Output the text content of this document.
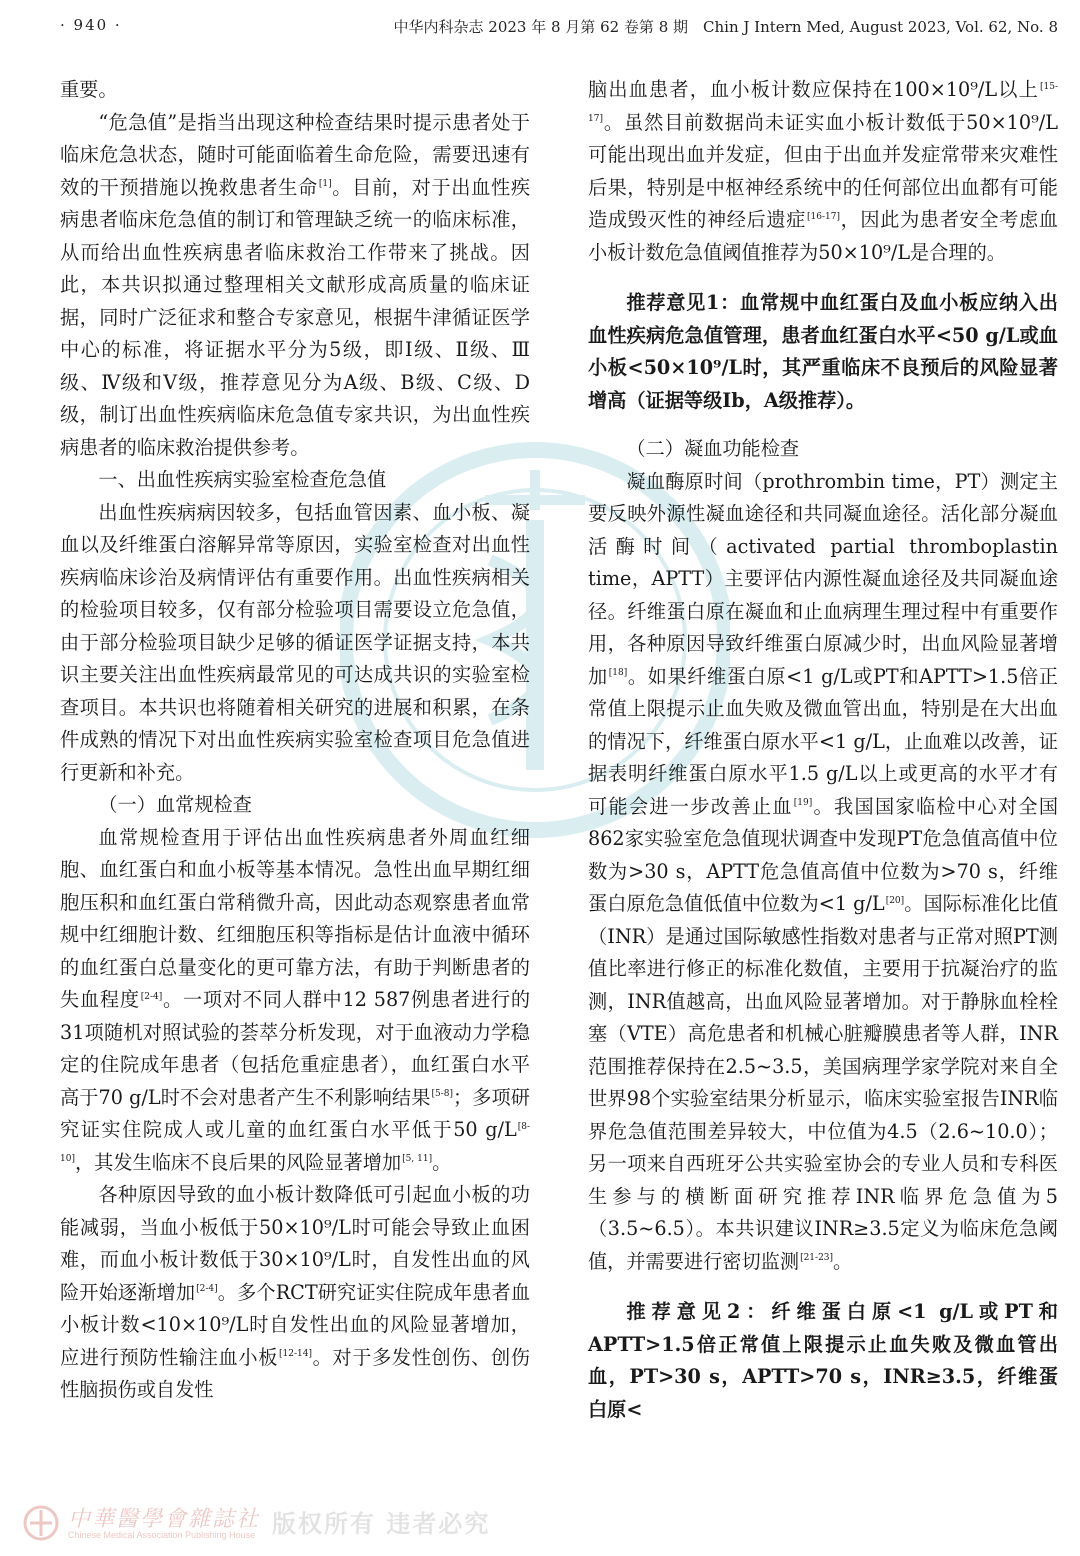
· 940 ·	中华内科杂志 2023 年 8 月第 62 卷第 8 期　Chin J Intern Med, August 2023, Vol. 62, No. 8

重要。

“危急值”是指当出现这种检查结果时提示患者处于临床危急状态，随时可能面临着生命危险，需要迅速有效的干预措施以挽救患者生命[1]。目前，对于出血性疾病患者临床危急值的制订和管理缺乏统一的临床标准，从而给出血性疾病患者临床救治工作带来了挑战。因此，本共识拟通过整理相关文献形成高质量的临床证据，同时广泛征求和整合专家意见，根据牛津循证医学中心的标准，将证据水平分为5级，即Ⅰ级、Ⅱ级、Ⅲ级、Ⅳ级和Ⅴ级，推荐意见分为A级、B级、C级、D级，制订出血性疾病临床危急值专家共识，为出血性疾病患者的临床救治提供参考。

一、出血性疾病实验室检查危急值

出血性疾病病因较多，包括血管因素、血小板、凝血以及纤维蛋白溶解异常等原因，实验室检查对出血性疾病临床诊治及病情评估有重要作用。出血性疾病相关的检验项目较多，仅有部分检验项目需要设立危急值，由于部分检验项目缺少足够的循证医学证据支持，本共识主要关注出血性疾病最常见的可达成共识的实验室检查项目。本共识也将随着相关研究的进展和积累，在条件成熟的情况下对出血性疾病实验室检查项目危急值进行更新和补充。

（一）血常规检查

血常规检查用于评估出血性疾病患者外周血红细胞、血红蛋白和血小板等基本情况。急性出血早期红细胞压积和血红蛋白常稍微升高，因此动态观察患者血常规中红细胞计数、红细胞压积等指标是估计血液中循环的血红蛋白总量变化的更可靠方法，有助于判断患者的失血程度[2-4]。一项对不同人群中12 587例患者进行的31项随机对照试验的荟萃分析发现，对于血液动力学稳定的住院成年患者（包括危重症患者），血红蛋白水平高于70 g/L时不会对患者产生不利影响结果[5-8]；多项研究证实住院成人或儿童的血红蛋白水平低于50 g/L[8-10]，其发生临床不良后果的风险显著增加[5, 11]。

各种原因导致的血小板计数降低可引起血小板的功能减弱，当血小板低于50×10⁹/L时可能会导致止血困难，而血小板计数低于30×10⁹/L时，自发性出血的风险开始逐渐增加[2-4]。多个RCT研究证实住院成年患者血小板计数<10×10⁹/L时自发性出血的风险显著增加，应进行预防性输注血小板[12-14]。对于多发性创伤、创伤性脑损伤或自发性

脑出血患者，血小板计数应保持在100×10⁹/L以上[15-17]。虽然目前数据尚未证实血小板计数低于50×10⁹/L可能出现出血并发症，但由于出血并发症常带来灾难性后果，特别是中枢神经系统中的任何部位出血都有可能造成毁灭性的神经后遗症[16-17]，因此为患者安全考虑血小板计数危急值阈值推荐为50×10⁹/L是合理的。

推荐意见1：血常规中血红蛋白及血小板应纳入出血性疾病危急值管理，患者血红蛋白水平<50 g/L或血小板<50×10⁹/L时，其严重临床不良预后的风险显著增高（证据等级Ⅰb，A级推荐）。

（二）凝血功能检查

凝血酶原时间（prothrombin time，PT）测定主要反映外源性凝血途径和共同凝血途径。活化部分凝血活酶时间（activated partial thromboplastin time，APTT）主要评估内源性凝血途径及共同凝血途径。纤维蛋白原在凝血和止血病理生理过程中有重要作用，各种原因导致纤维蛋白原减少时，出血风险显著增加[18]。如果纤维蛋白原<1 g/L或PT和APTT>1.5倍正常值上限提示止血失败及微血管出血，特别是在大出血的情况下，纤维蛋白原水平<1 g/L，止血难以改善，证据表明纤维蛋白原水平1.5 g/L以上或更高的水平才有可能会进一步改善止血[19]。我国国家临检中心对全国862家实验室危急值现状调查中发现PT危急值高值中位数为>30 s，APTT危急值高值中位数为>70 s，纤维蛋白原危急值低值中位数为<1 g/L[20]。国际标准化比值（INR）是通过国际敏感性指数对患者与正常对照PT测值比率进行修正的标准化数值，主要用于抗凝治疗的监测，INR值越高，出血风险显著增加。对于静脉血栓栓塞（VTE）高危患者和机械心脏瓣膜患者等人群，INR范围推荐保持在2.5~3.5，美国病理学家学院对来自全世界98个实验室结果分析显示，临床实验室报告INR临界危急值范围差异较大，中位值为4.5（2.6~10.0）；另一项来自西班牙公共实验室协会的专业人员和专科医生参与的横断面研究推荐INR临界危急值为5（3.5~6.5）。本共识建议INR≥3.5定义为临床危急阈值，并需要进行密切监测[21-23]。

推荐意见2：纤维蛋白原<1 g/L或PT和APTT>1.5倍正常值上限提示止血失败及微血管出血，PT>30 s，APTT>70 s，INR≥3.5，纤维蛋白原<

中華醫學會雜誌社
Chinese Medical Association Publishing House 版权所有 违者必究
